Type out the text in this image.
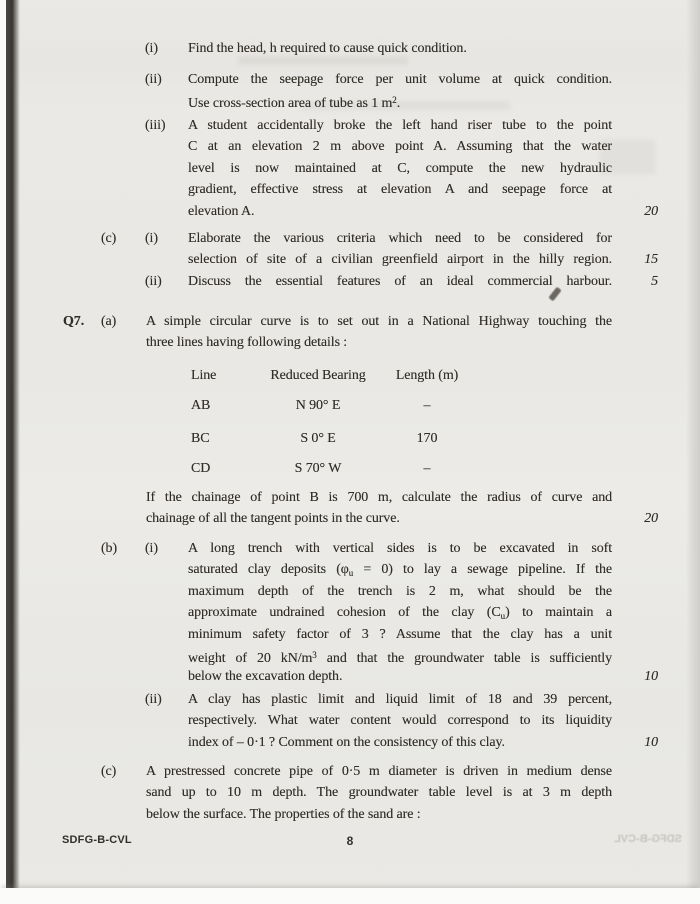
(i) Find the head, h required to cause quick condition.
(ii) Compute the seepage force per unit volume at quick condition.
Use cross-section area of tube as 1 $m^2$.
(iii) A student accidentally broke the left hand riser tube to the point
C at an elevation 2 m above point A. Assuming that the water
level is now maintained at C, compute the new hydraulic
gradient, effective stress at elevation A and seepage force at
elevation A.	20
(c) (i) Elaborate the various criteria which need to be considered for
selection of site of a civilian greenfield airport in the hilly region. 15
(ii) Discuss the essential features of an ideal commercial harbour.	5
Q7. (a) A simple circular curve is to set out in a National Highway touching the
three lines having following details :
Line	Reduced Bearing	Length (m)
AB	N 90° E	–
BC	S 0° E	170
CD	S 70° W	–
If the chainage of point B is 700 m, calculate the radius of curve and
chainage of all the tangent points in the curve.	20
(b) (i) A long trench with vertical sides is to be excavated in soft
saturated clay deposits $(\varphi_u = 0)$ to lay a sewage pipeline. If the
maximum depth of the trench is 2 m, what should be the
approximate undrained cohesion of the clay $(C_u)$ to maintain a
minimum safety factor of 3 ? Assume that the clay has a unit
weight of 20 $kN/m^3$ and that the groundwater table is sufficiently
below the excavation depth.	10
(ii) A clay has plastic limit and liquid limit of 18 and 39 percent,
respectively. What water content would correspond to its liquidity
index of – 0·1 ? Comment on the consistency of this clay.	10
(c) A prestressed concrete pipe of 0·5 m diameter is driven in medium dense
sand up to 10 m depth. The groundwater table level is at 3 m depth
below the surface. The properties of the sand are :
SDFG-B-CVL	8	SDFG-B-CVL
